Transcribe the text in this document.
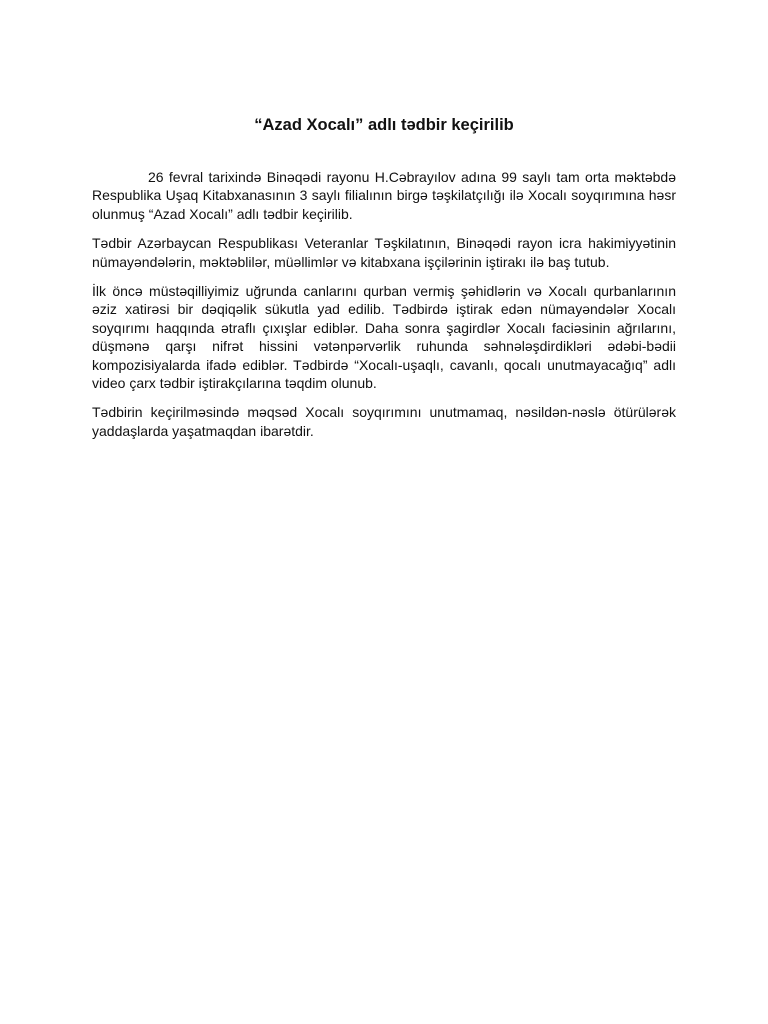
“Azad Xocalı” adlı tədbir keçirilib

26 fevral tarixində Binəqədi rayonu H.Cəbrayılov adına 99 saylı tam orta məktəbdə Respublika Uşaq Kitabxanasının 3 saylı filialının birgə təşkilatçılığı ilə Xocalı soyqırımına həsr olunmuş “Azad Xocalı” adlı tədbir keçirilib.

Tədbir Azərbaycan Respublikası Veteranlar Təşkilatının, Binəqədi rayon icra hakimiyyətinin nümayəndələrin, məktəblilər, müəllimlər və kitabxana işçilərinin iştirakı ilə baş tutub.

İlk öncə müstəqilliyimiz uğrunda canlarını qurban vermiş şəhidlərin və Xocalı qurbanlarının əziz xatirəsi bir dəqiqəlik sükutla yad edilib. Tədbirdə iştirak edən nümayəndələr Xocalı soyqırımı haqqında ətraflı çıxışlar ediblər. Daha sonra şagirdlər Xocalı faciəsinin ağrılarını, düşmənə qarşı nifrət hissini vətənpərvərlik ruhunda səhnələşdirdikləri ədəbi-bədii kompozisiyalarda ifadə ediblər. Tədbirdə “Xocalı-uşaqlı, cavanlı, qocalı unutmayacağıq” adlı video çarx tədbir iştirakçılarına təqdim olunub.

Tədbirin keçirilməsində məqsəd Xocalı soyqırımını unutmamaq, nəsildən-nəslə ötürülərək yaddaşlarda yaşatmaqdan ibarətdir.
